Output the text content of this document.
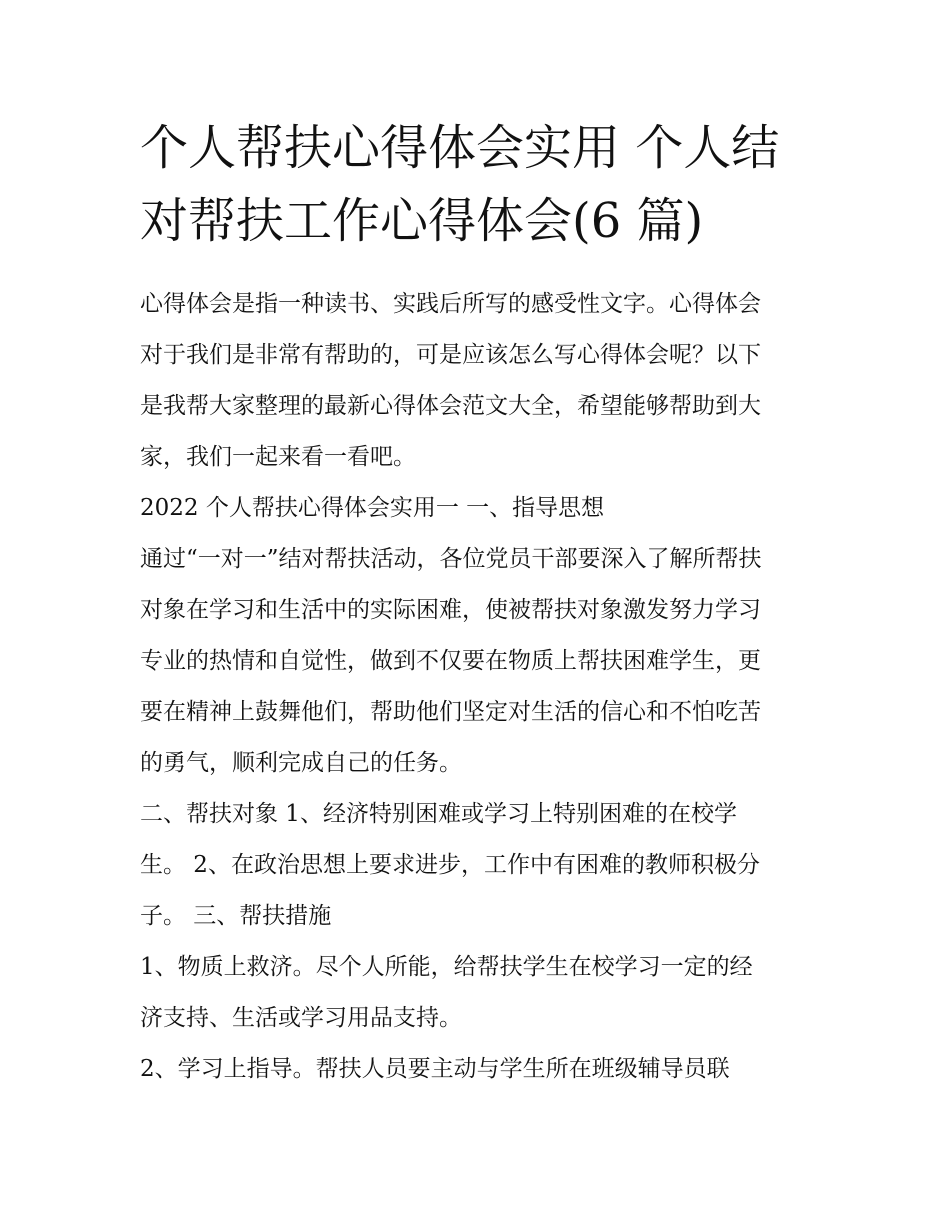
个人帮扶心得体会实用 个人结
对帮扶工作心得体会(6 篇)

心得体会是指一种读书、实践后所写的感受性文字。心得体会
对于我们是非常有帮助的，可是应该怎么写心得体会呢？以下
是我帮大家整理的最新心得体会范文大全，希望能够帮助到大
家，我们一起来看一看吧。

2022 个人帮扶心得体会实用一 一、指导思想

通过“一对一”结对帮扶活动，各位党员干部要深入了解所帮扶
对象在学习和生活中的实际困难，使被帮扶对象激发努力学习
专业的热情和自觉性，做到不仅要在物质上帮扶困难学生，更
要在精神上鼓舞他们，帮助他们坚定对生活的信心和不怕吃苦
的勇气，顺利完成自己的任务。

二、帮扶对象 1、经济特别困难或学习上特别困难的在校学
生。 2、在政治思想上要求进步，工作中有困难的教师积极分
子。 三、帮扶措施

1、物质上救济。尽个人所能，给帮扶学生在校学习一定的经
济支持、生活或学习用品支持。

2、学习上指导。帮扶人员要主动与学生所在班级辅导员联
